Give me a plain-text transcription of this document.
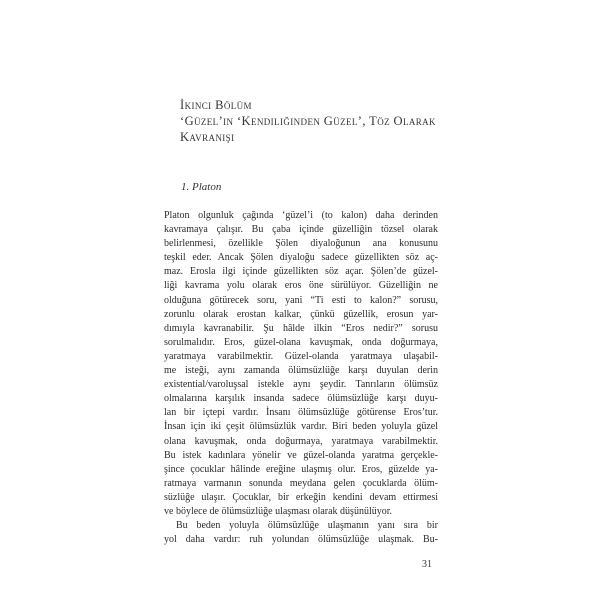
İkinci Bölüm
‘Güzel’in ‘Kendiliğinden Güzel’, Töz Olarak
Kavranışı
1. Platon
Platon olgunluk çağında ‘güzel’i (to kalon) daha derinden
kavramaya çalışır. Bu çaba içinde güzelliğin tözsel olarak
belirlenmesi, özellikle Şölen diyaloğunun ana konusunu
teşkil eder. Ancak Şölen diyaloğu sadece güzellikten söz aç-
maz. Erosla ilgi içinde güzellikten söz açar. Şölen’de güzel-
liği kavrama yolu olarak eros öne sürülüyor. Güzelliğin ne
olduğuna götürecek soru, yani “Ti esti to kalon?” sorusu,
zorunlu olarak erostan kalkar, çünkü güzellik, erosun yar-
dımıyla kavranabilir. Şu hâlde ilkin “Eros nedir?” sorusu
sorulmalıdır. Eros, güzel-olana kavuşmak, onda doğurmaya,
yaratmaya varabilmektir. Güzel-olanda yaratmaya ulaşabil-
me isteği, aynı zamanda ölümsüzlüğe karşı duyulan derin
existential/varoluşsal istekle aynı şeydir. Tanrıların ölümsüz
olmalarına karşılık insanda sadece ölümsüzlüğe karşı duyu-
lan bir içtepi vardır. İnsanı ölümsüzlüğe götürense Eros’tur.
İnsan için iki çeşit ölümsüzlük vardır. Biri beden yoluyla güzel
olana kavuşmak, onda doğurmaya, yaratmaya varabilmektir.
Bu istek kadınlara yönelir ve güzel-olanda yaratma gerçekle-
şince çocuklar hâlinde ereğine ulaşmış olur. Eros, güzelde ya-
ratmaya varmanın sonunda meydana gelen çocuklarda ölüm-
süzlüğe ulaşır. Çocuklar, bir erkeğin kendini devam ettirmesi
ve böylece de ölümsüzlüğe ulaşması olarak düşünülüyor.
Bu beden yoluyla ölümsüzlüğe ulaşmanın yanı sıra bir
yol daha vardır: ruh yolundan ölümsüzlüğe ulaşmak. Bu-
31
